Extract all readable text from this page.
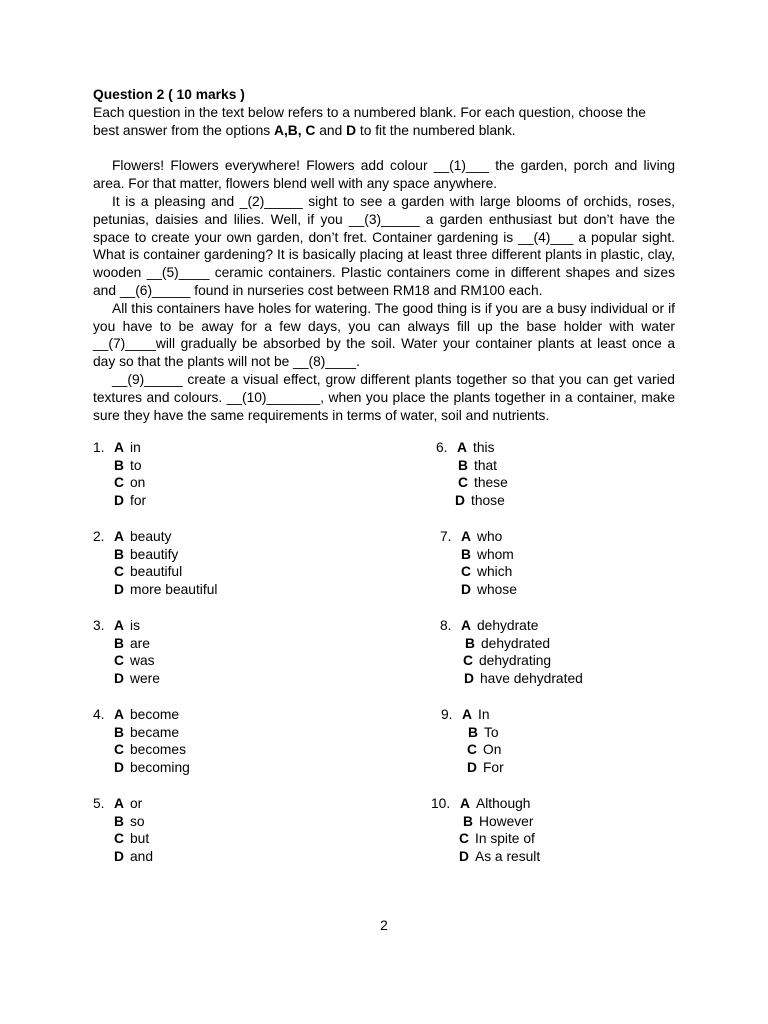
Question 2 ( 10 marks )

Each question in the text below refers to a numbered blank. For each question, choose the best answer from the options A,B, C and D to fit the numbered blank.

Flowers! Flowers everywhere! Flowers add colour __(1)___ the garden, porch and living area. For that matter, flowers blend well with any space anywhere.

It is a pleasing and _(2)_____ sight to see a garden with large blooms of orchids, roses, petunias, daisies and lilies. Well, if you __(3)_____ a garden enthusiast but don’t have the space to create your own garden, don’t fret. Container gardening is __(4)___ a popular sight. What is container gardening? It is basically placing at least three different plants in plastic, clay, wooden __(5)____ ceramic containers. Plastic containers come in different shapes and sizes and __(6)_____ found in nurseries cost between RM18 and RM100 each.

All this containers have holes for watering. The good thing is if you are a busy individual or if you have to be away for a few days, you can always fill up the base holder with water __(7)____will gradually be absorbed by the soil. Water your container plants at least once a day so that the plants will not be __(8)____.

__(9)_____ create a visual effect, grow different plants together so that you can get varied textures and colours. __(10)_______, when you place the plants together in a container, make sure they have the same requirements in terms of water, soil and nutrients.

1. A in
B to
C on
D for
2. A beauty
B beautify
C beautiful
D more beautiful
3. A is
B are
C was
D were
4. A become
B became
C becomes
D becoming
5. A or
B so
C but
D and
6. A this
B that
C these
D those
7. A who
B whom
C which
D whose
8. A dehydrate
B dehydrated
C dehydrating
D have dehydrated
9. A In
B To
C On
D For
10. A Although
B However
C In spite of
D As a result
2
